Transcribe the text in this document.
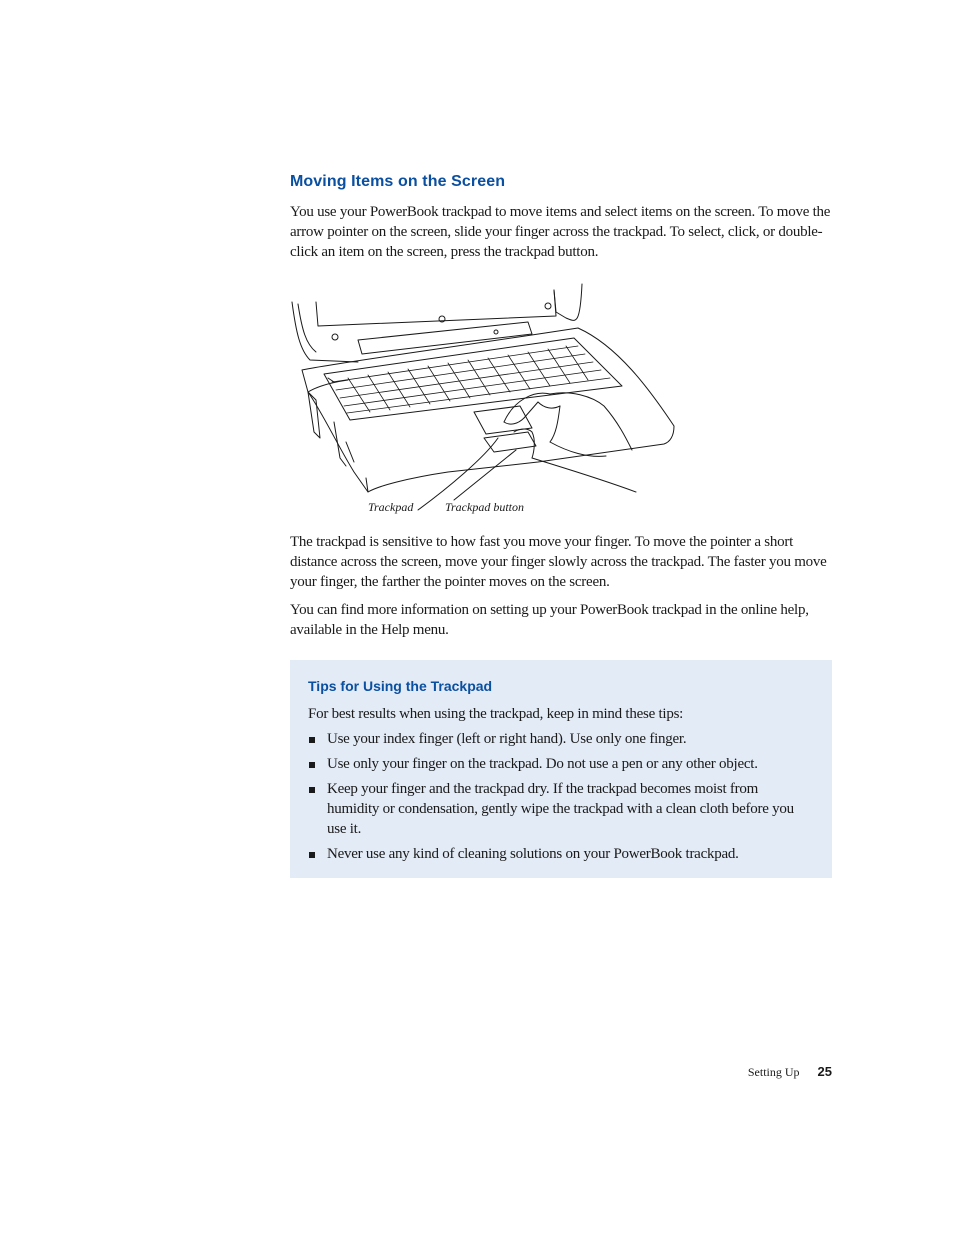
Moving Items on the Screen

You use your PowerBook trackpad to move items and select items on the screen. To move the arrow pointer on the screen, slide your finger across the trackpad. To select, click, or double-click an item on the screen, press the trackpad button.

Trackpad	Trackpad button

The trackpad is sensitive to how fast you move your finger. To move the pointer a short distance across the screen, move your finger slowly across the trackpad. The faster you move your finger, the farther the pointer moves on the screen.

You can find more information on setting up your PowerBook trackpad in the online help, available in the Help menu.

Tips for Using the Trackpad

For best results when using the trackpad, keep in mind these tips:

Use your index finger (left or right hand). Use only one finger.
Use only your finger on the trackpad. Do not use a pen or any other object.
Keep your finger and the trackpad dry. If the trackpad becomes moist from humidity or condensation, gently wipe the trackpad with a clean cloth before you use it.
Never use any kind of cleaning solutions on your PowerBook trackpad.
Setting Up 25
